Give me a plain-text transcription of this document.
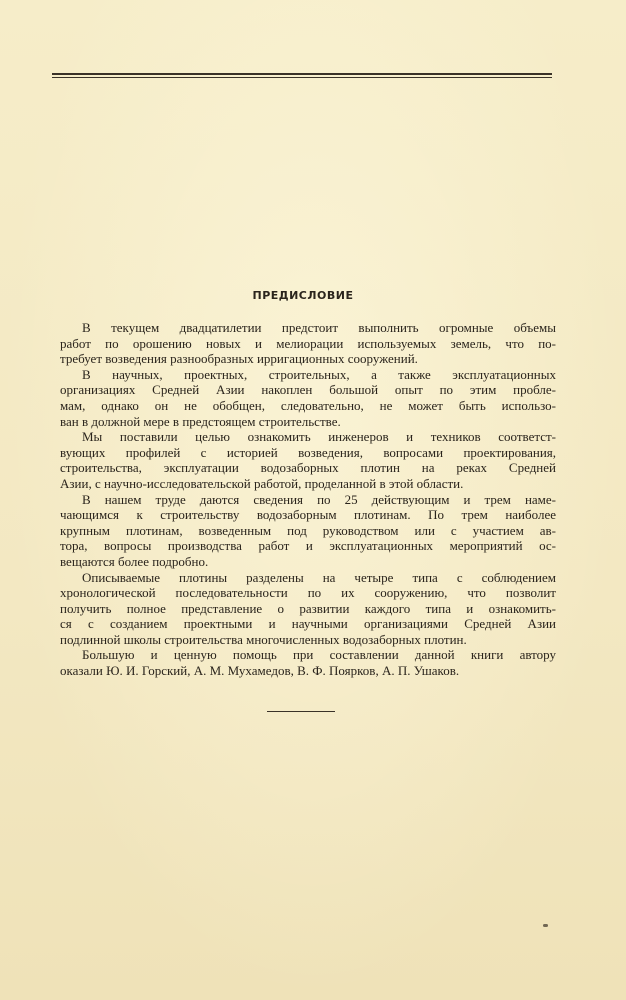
ПРЕДИСЛОВИЕ

В текущем двадцатилетии предстоит выполнить огромные объемы
работ по орошению новых и мелиорации используемых земель, что по-
требует возведения разнообразных ирригационных сооружений.

В научных, проектных, строительных, а также эксплуатационных
организациях Средней Азии накоплен большой опыт по этим пробле-
мам, однако он не обобщен, следовательно, не может быть использо-
ван в должной мере в предстоящем строительстве.

Мы поставили целью ознакомить инженеров и техников соответст-
вующих профилей с историей возведения, вопросами проектирования,
строительства, эксплуатации водозаборных плотин на реках Средней
Азии, с научно-исследовательской работой, проделанной в этой области.

В нашем труде даются сведения по 25 действующим и трем наме-
чающимся к строительству водозаборным плотинам. По трем наиболее
крупным плотинам, возведенным под руководством или с участием ав-
тора, вопросы производства работ и эксплуатационных мероприятий ос-
вещаются более подробно.

Описываемые плотины разделены на четыре типа с соблюдением
хронологической последовательности по их сооружению, что позволит
получить полное представление о развитии каждого типа и ознакомить-
ся с созданием проектными и научными организациями Средней Азии
подлинной школы строительства многочисленных водозаборных плотин.

Большую и ценную помощь при составлении данной книги автору
оказали Ю. И. Горский, А. М. Мухамедов, В. Ф. Поярков, А. П. Ушаков.
